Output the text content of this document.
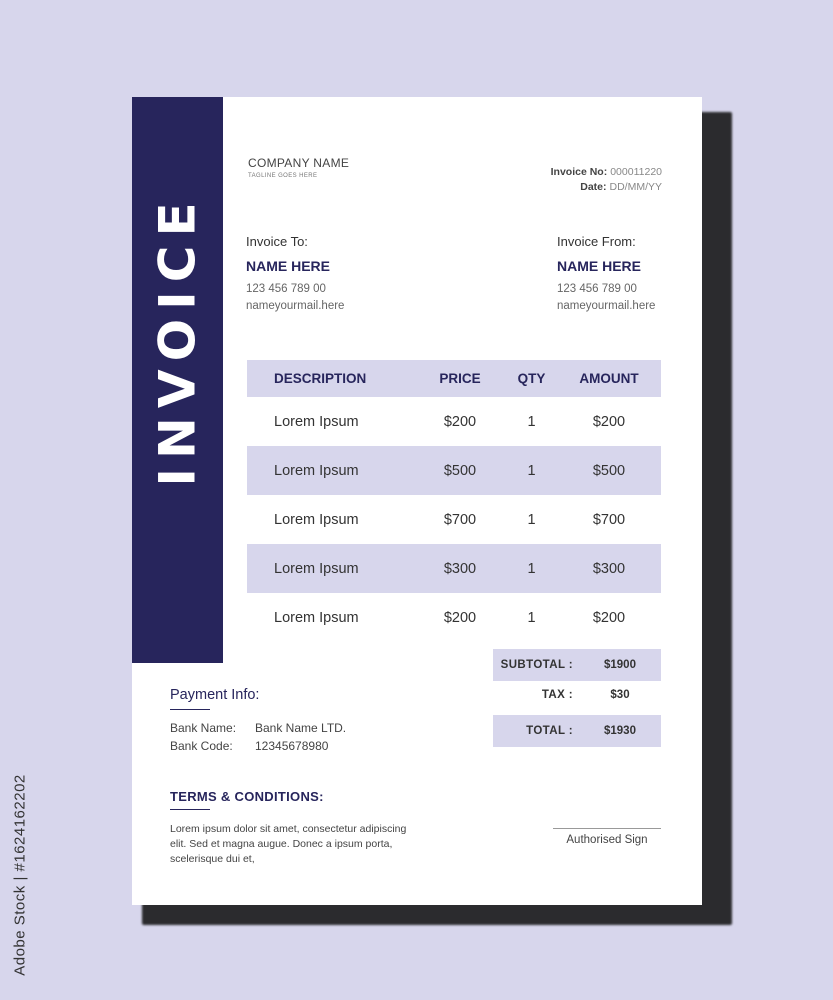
INVOICE
COMPANY NAME
TAGLINE GOES HERE	Invoice No: 000011220
Date: DD/MM/YY
Invoice To:
NAME HERE
123 456 789 00
nameyourmail.here
Invoice From:
NAME HERE
123 456 789 00
nameyourmail.here
DESCRIPTION	PRICE	QTY	AMOUNT
Lorem Ipsum	$200	1	$200
Lorem Ipsum	$500	1	$500
Lorem Ipsum	$700	1	$700
Lorem Ipsum	$300	1	$300
Lorem Ipsum	$200	1	$200
SUBTOTAL :	$1900
TAX :	$30
TOTAL :	$1930
Payment Info:
Bank Name: Bank Name LTD.
Bank Code: 12345678980
TERMS & CONDITIONS:
Lorem ipsum dolor sit amet, consectetur adipiscing elit. Sed et magna augue. Donec a ipsum porta, scelerisque dui et,
Authorised Sign
Adobe Stock | #1624162202
